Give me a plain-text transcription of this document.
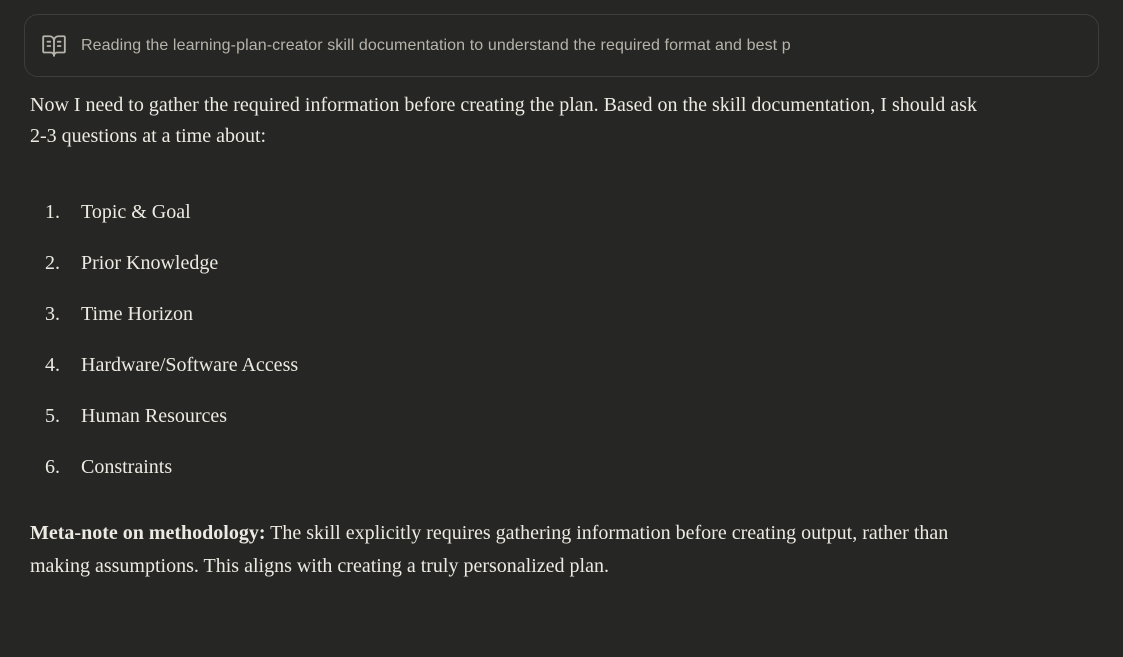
Reading the learning-plan-creator skill documentation to understand the required format and best p

Now I need to gather the required information before creating the plan. Based on the skill documentation, I should ask 2-3 questions at a time about:

1.	Topic & Goal
2.	Prior Knowledge
3.	Time Horizon
4.	Hardware/Software Access
5.	Human Resources
6.	Constraints

Meta-note on methodology: The skill explicitly requires gathering information before creating output, rather than making assumptions. This aligns with creating a truly personalized plan.
